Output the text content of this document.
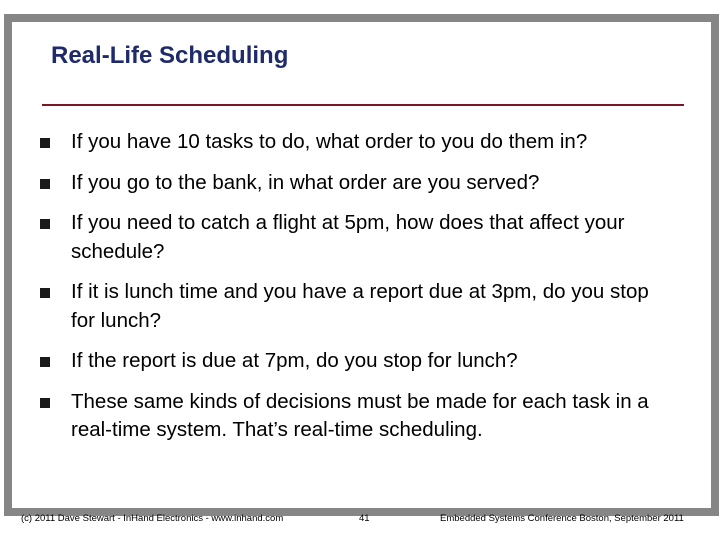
Real-Life Scheduling
If you have 10 tasks to do, what order to you do them in?
If you go to the bank, in what order are you served?
If you need to catch a flight at 5pm, how does that affect your schedule?
If it is lunch time and you have a report due at 3pm, do you stop for lunch?
If the report is due at 7pm, do you stop for lunch?
These same kinds of decisions must be made for each task in a real-time system. That’s real-time scheduling.
(c) 2011 Dave Stewart - InHand Electronics - www.inhand.com	41	Embedded Systems Conference Boston, September 2011
